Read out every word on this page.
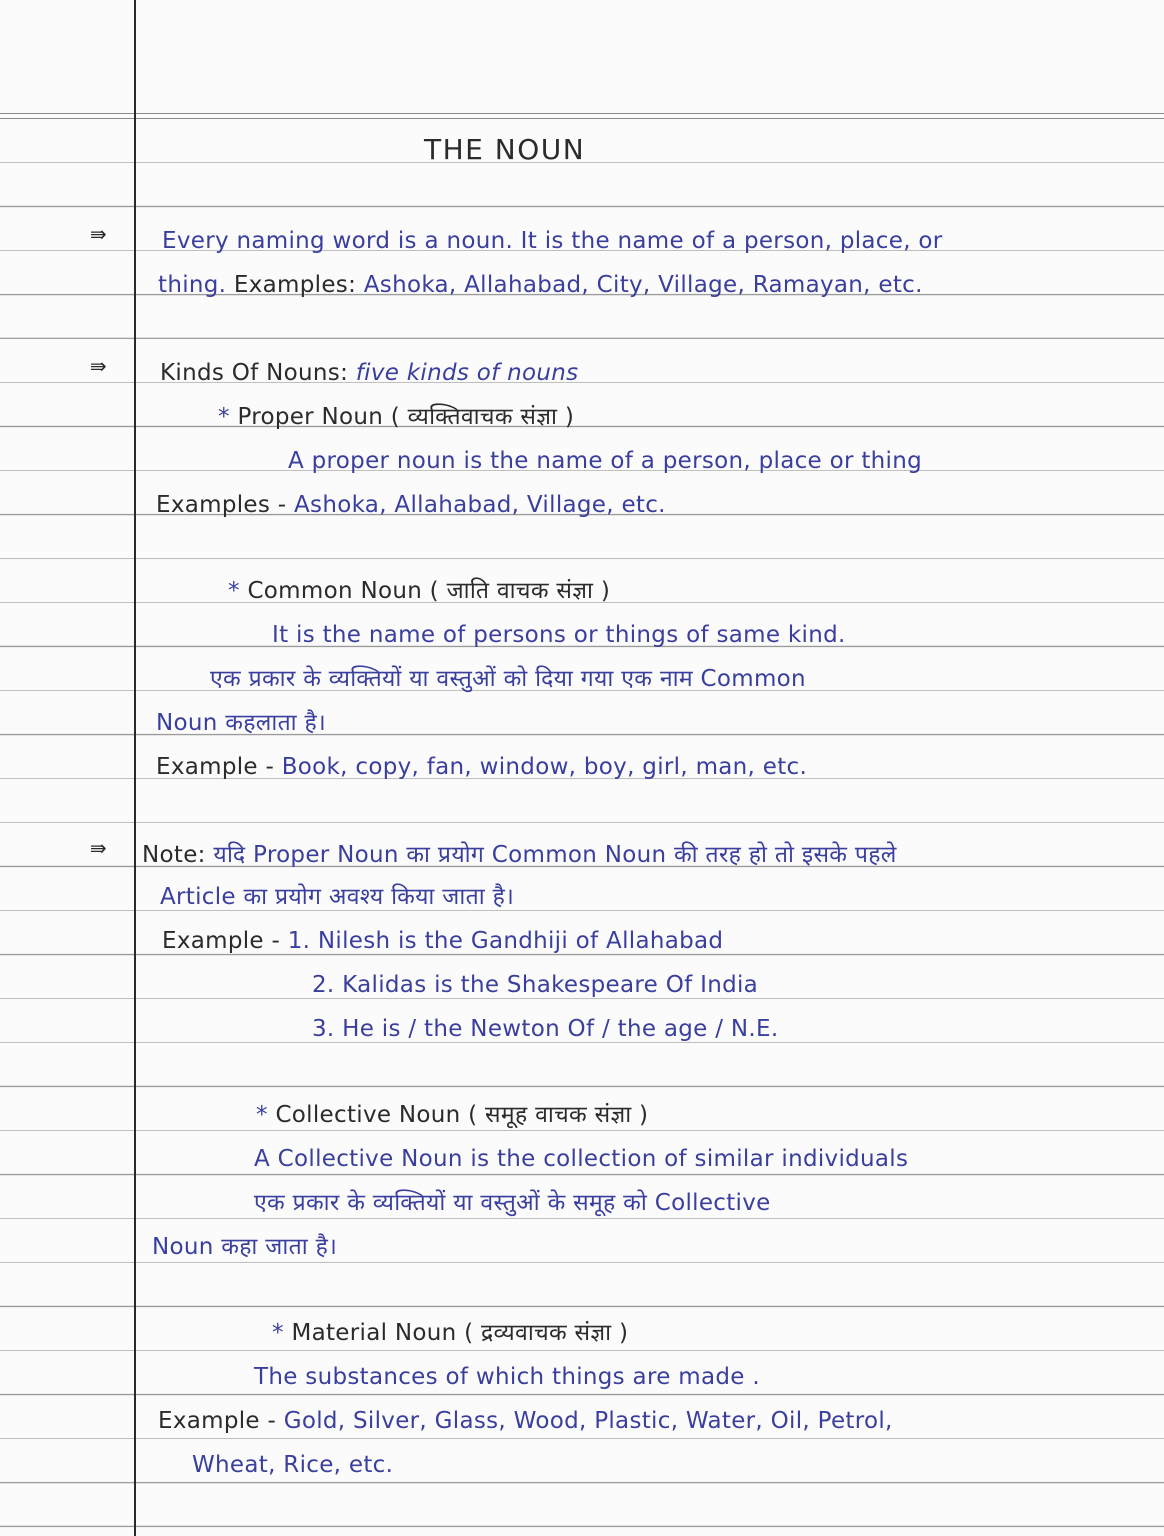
THE NOUN
⇛ Every naming word is a noun. It is the name of a person, place, or
thing. Examples: Ashoka, Allahabad, City, Village, Ramayan, etc.
⇛ Kinds Of Nouns: five kinds of nouns
* Proper Noun ( व्यक्तिवाचक संज्ञा )
A proper noun is the name of a person, place or thing
Examples - Ashoka, Allahabad, Village, etc.
* Common Noun ( जाति वाचक संज्ञा )
It is the name of persons or things of same kind.
एक प्रकार के व्यक्तियों या वस्तुओं को दिया गया एक नाम Common
Noun कहलाता है।
Example - Book, copy, fan, window, boy, girl, man, etc.
⇛ Note: यदि Proper Noun का प्रयोग Common Noun की तरह हो तो इसके पहले
Article का प्रयोग अवश्य किया जाता है।
Example - 1. Nilesh is the Gandhiji of Allahabad
2. Kalidas is the Shakespeare Of India
3. He is / the Newton Of / the age / N.E.
* Collective Noun ( समूह वाचक संज्ञा )
A Collective Noun is the collection of similar individuals
एक प्रकार के व्यक्तियों या वस्तुओं के समूह को Collective
Noun कहा जाता है।
* Material Noun ( द्रव्यवाचक संज्ञा )
The substances of which things are made .
Example - Gold, Silver, Glass, Wood, Plastic, Water, Oil, Petrol,
Wheat, Rice, etc.
